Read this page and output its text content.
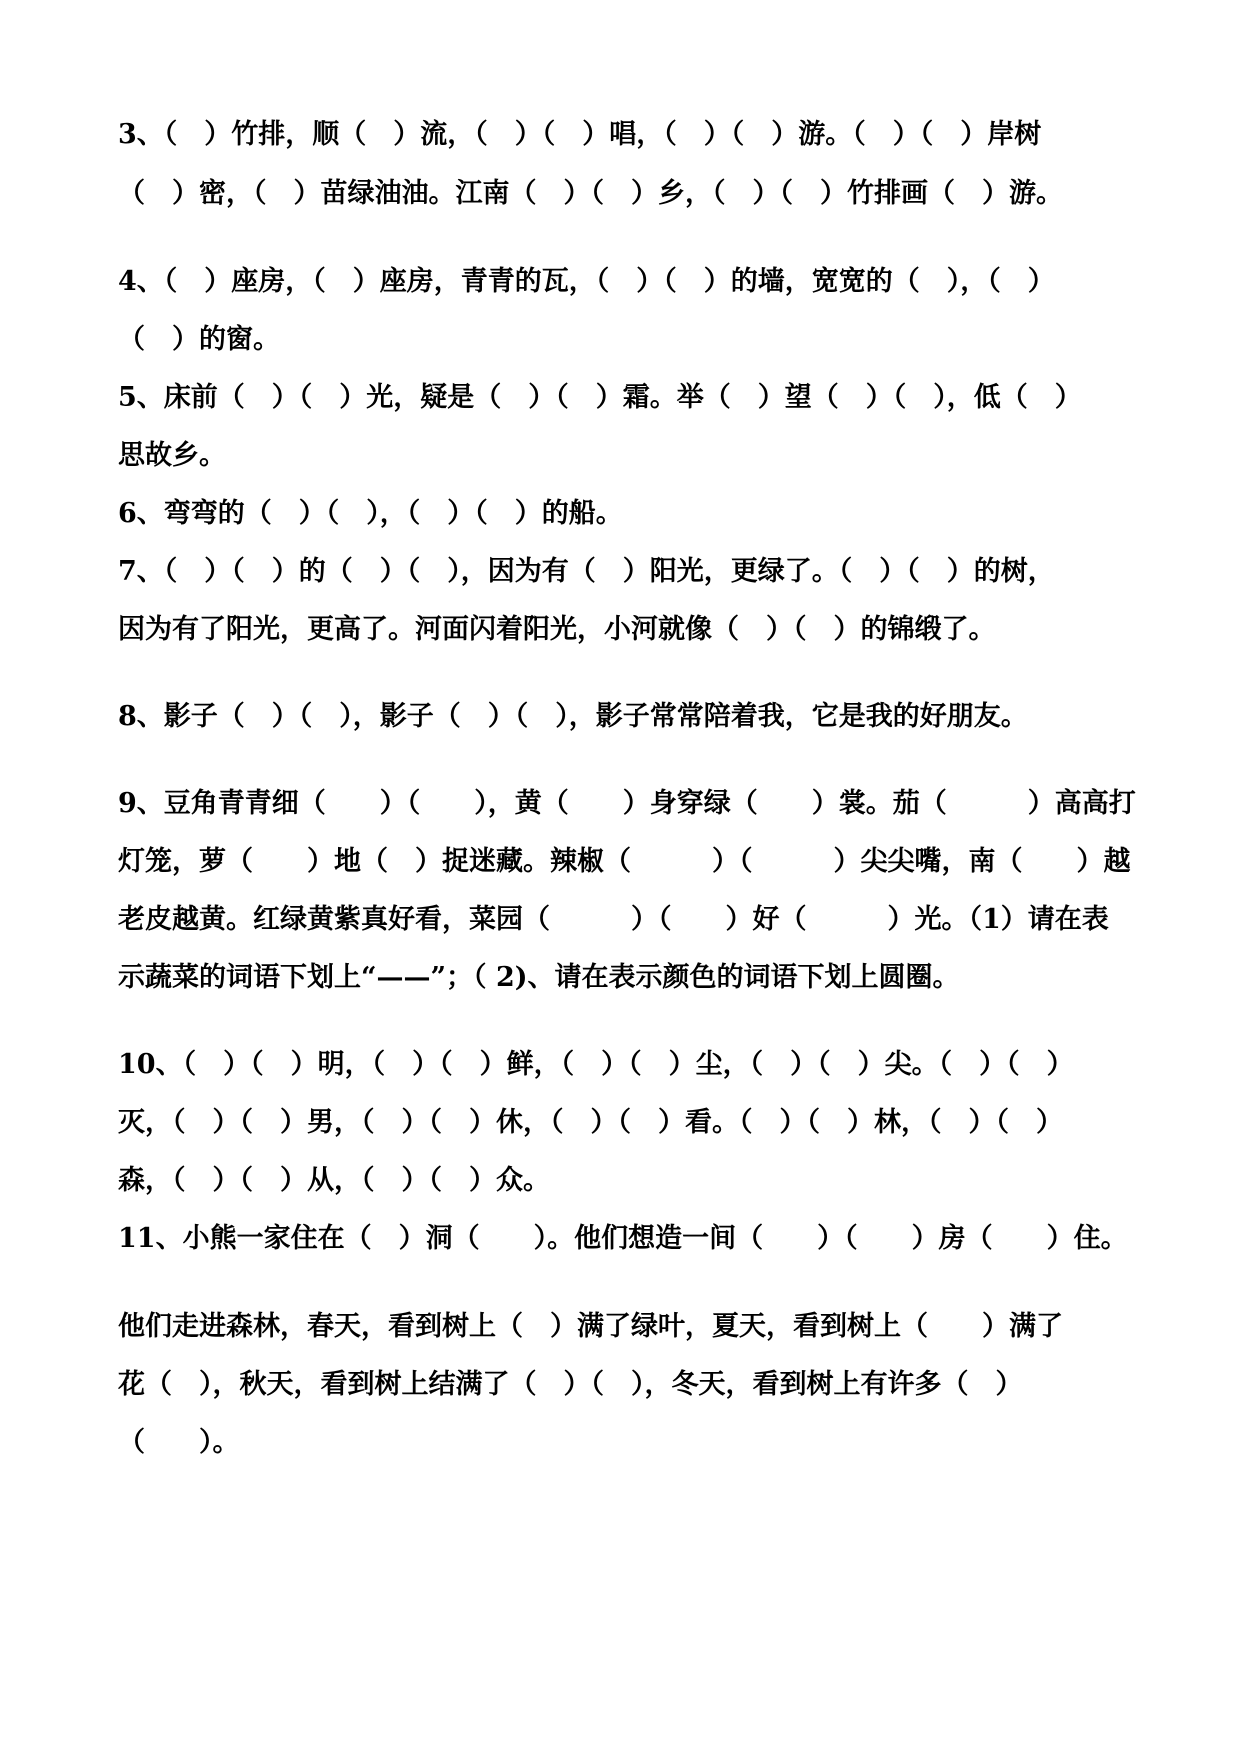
3、（　）竹排，顺（　）流，（　）（　）唱，（　）（　）游。（　）（　）岸树
（　）密，（　）苗绿油油。江南（　）（　）乡，（　）（　）竹排画（　）游。
4、（　）座房，（　）座房，青青的瓦，（　）（　）的墙，宽宽的（　），（　）
（　）的窗。
5、床前（　）（　）光，疑是（　）（　）霜。举（　）望（　）（　），低（　）
思故乡。
6、弯弯的（　）（　），（　）（　）的船。
7、（　）（　）的（　）（　），因为有（　）阳光，更绿了。（　）（　）的树，
因为有了阳光，更高了。河面闪着阳光，小河就像（　）（　）的锦缎了。
8、影子（　）（　），影子（　）（　），影子常常陪着我，它是我的好朋友。
9、豆角青青细（　　）（　　），黄（　　）身穿绿（　　）裳。茄（　　　）高高打
灯笼，萝（　　）地（　）捉迷藏。辣椒（　　　）（　　　）尖尖嘴，南（　　）越
老皮越黄。红绿黄紫真好看，菜园（　　　）（　　）好（　　　）光。（1）请在表
示蔬菜的词语下划上“——”；（ 2)、请在表示颜色的词语下划上圆圈。
10、（　）（　）明，（　）（　）鲜，（　）（　）尘，（　）（　）尖。（　）（　）
灭，（　）（　）男，（　）（　）休，（　）（　）看。（　）（　）林，（　）（　）
森，（　）（　）从，（　）（　）众。
11、小熊一家住在（　）洞（　　）。他们想造一间（　　）（　　）房（　　）住。
他们走进森林，春天，看到树上（　）满了绿叶，夏天，看到树上（　　）满了
花（　），秋天，看到树上结满了（　）（　），冬天，看到树上有许多（　）
（　　）。
